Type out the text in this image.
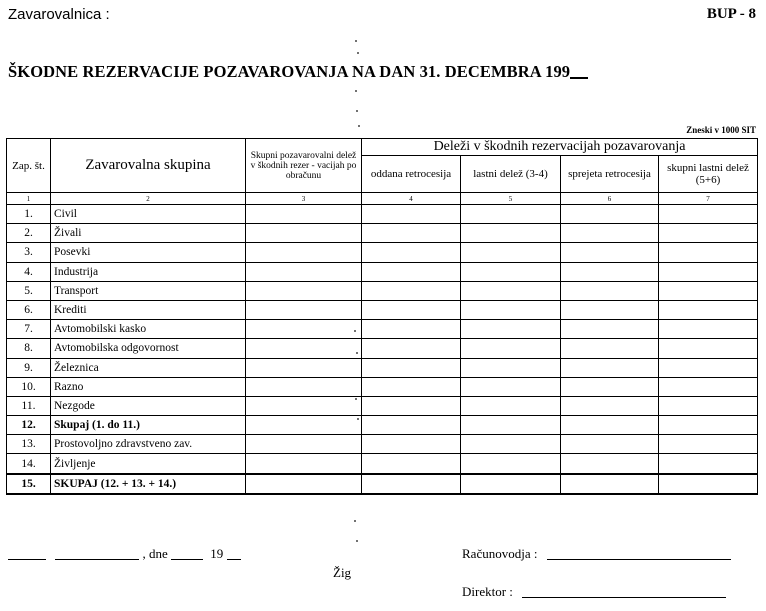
Zavarovalnica :	BUP - 8
ŠKODNE REZERVACIJE POZAVAROVANJA NA DAN 31. DECEMBRA 199
Zneski v 1000 SIT
Zap. št.	Zavarovalna skupina	Skupni pozavarovalni delež v škodnih rezer - vacijah po obračunu	Deleži v škodnih rezervacijah pozavarovanja			
			oddana retrocesija	lastni delež (3-4)	sprejeta retrocesija	skupni lastni delež (5+6)
1	2	3	4	5	6	7
1.	Civil					
2.	Živali					
3.	Posevki					
4.	Industrija					
5.	Transport					
6.	Krediti					
7.	Avtomobilski kasko					
8.	Avtomobilska odgovornost					
9.	Železnica					
10.	Razno					
11.	Nezgode					
12.	Skupaj (1. do 11.)					
13.	Prostovoljno zdravstveno zav.					
14.	Življenje					
15.	SKUPAJ (12. + 13. + 14.)					
, dne	19
Žig
Računovodja :
Direktor :
